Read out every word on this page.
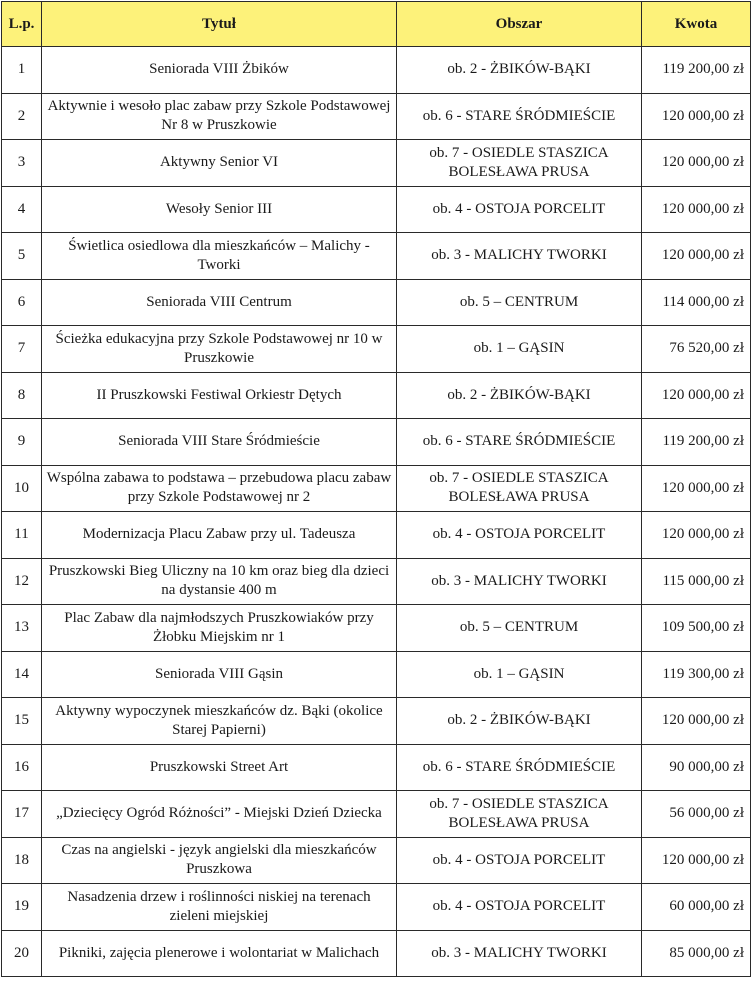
L.p.	Tytuł	Obszar	Kwota
1	Seniorada VIII Żbików	ob. 2 - ŻBIKÓW-BĄKI	119 200,00 zł
2	Aktywnie i wesoło plac zabaw przy Szkole Podstawowej Nr 8 w Pruszkowie	ob. 6 - STARE ŚRÓDMIEŚCIE	120 000,00 zł
3	Aktywny Senior VI	ob. 7 - OSIEDLE STASZICA BOLESŁAWA PRUSA	120 000,00 zł
4	Wesoły Senior III	ob. 4 - OSTOJA PORCELIT	120 000,00 zł
5	Świetlica osiedlowa dla mieszkańców – Malichy - Tworki	ob. 3 - MALICHY TWORKI	120 000,00 zł
6	Seniorada VIII Centrum	ob. 5 – CENTRUM	114 000,00 zł
7	Ścieżka edukacyjna przy Szkole Podstawowej nr 10 w Pruszkowie	ob. 1 – GĄSIN	76 520,00 zł
8	II Pruszkowski Festiwal Orkiestr Dętych	ob. 2 - ŻBIKÓW-BĄKI	120 000,00 zł
9	Seniorada VIII Stare Śródmieście	ob. 6 - STARE ŚRÓDMIEŚCIE	119 200,00 zł
10	Wspólna zabawa to podstawa – przebudowa placu zabaw przy Szkole Podstawowej nr 2	ob. 7 - OSIEDLE STASZICA BOLESŁAWA PRUSA	120 000,00 zł
11	Modernizacja Placu Zabaw przy ul. Tadeusza	ob. 4 - OSTOJA PORCELIT	120 000,00 zł
12	Pruszkowski Bieg Uliczny na 10 km oraz bieg dla dzieci na dystansie 400 m	ob. 3 - MALICHY TWORKI	115 000,00 zł
13	Plac Zabaw dla najmłodszych Pruszkowiaków przy Żłobku Miejskim nr 1	ob. 5 – CENTRUM	109 500,00 zł
14	Seniorada VIII Gąsin	ob. 1 – GĄSIN	119 300,00 zł
15	Aktywny wypoczynek mieszkańców dz. Bąki (okolice Starej Papierni)	ob. 2 - ŻBIKÓW-BĄKI	120 000,00 zł
16	Pruszkowski Street Art	ob. 6 - STARE ŚRÓDMIEŚCIE	90 000,00 zł
17	„Dziecięcy Ogród Różności” - Miejski Dzień Dziecka	ob. 7 - OSIEDLE STASZICA BOLESŁAWA PRUSA	56 000,00 zł
18	Czas na angielski - język angielski dla mieszkańców Pruszkowa	ob. 4 - OSTOJA PORCELIT	120 000,00 zł
19	Nasadzenia drzew i roślinności niskiej na terenach zieleni miejskiej	ob. 4 - OSTOJA PORCELIT	60 000,00 zł
20	Pikniki, zajęcia plenerowe i wolontariat w Malichach	ob. 3 - MALICHY TWORKI	85 000,00 zł
